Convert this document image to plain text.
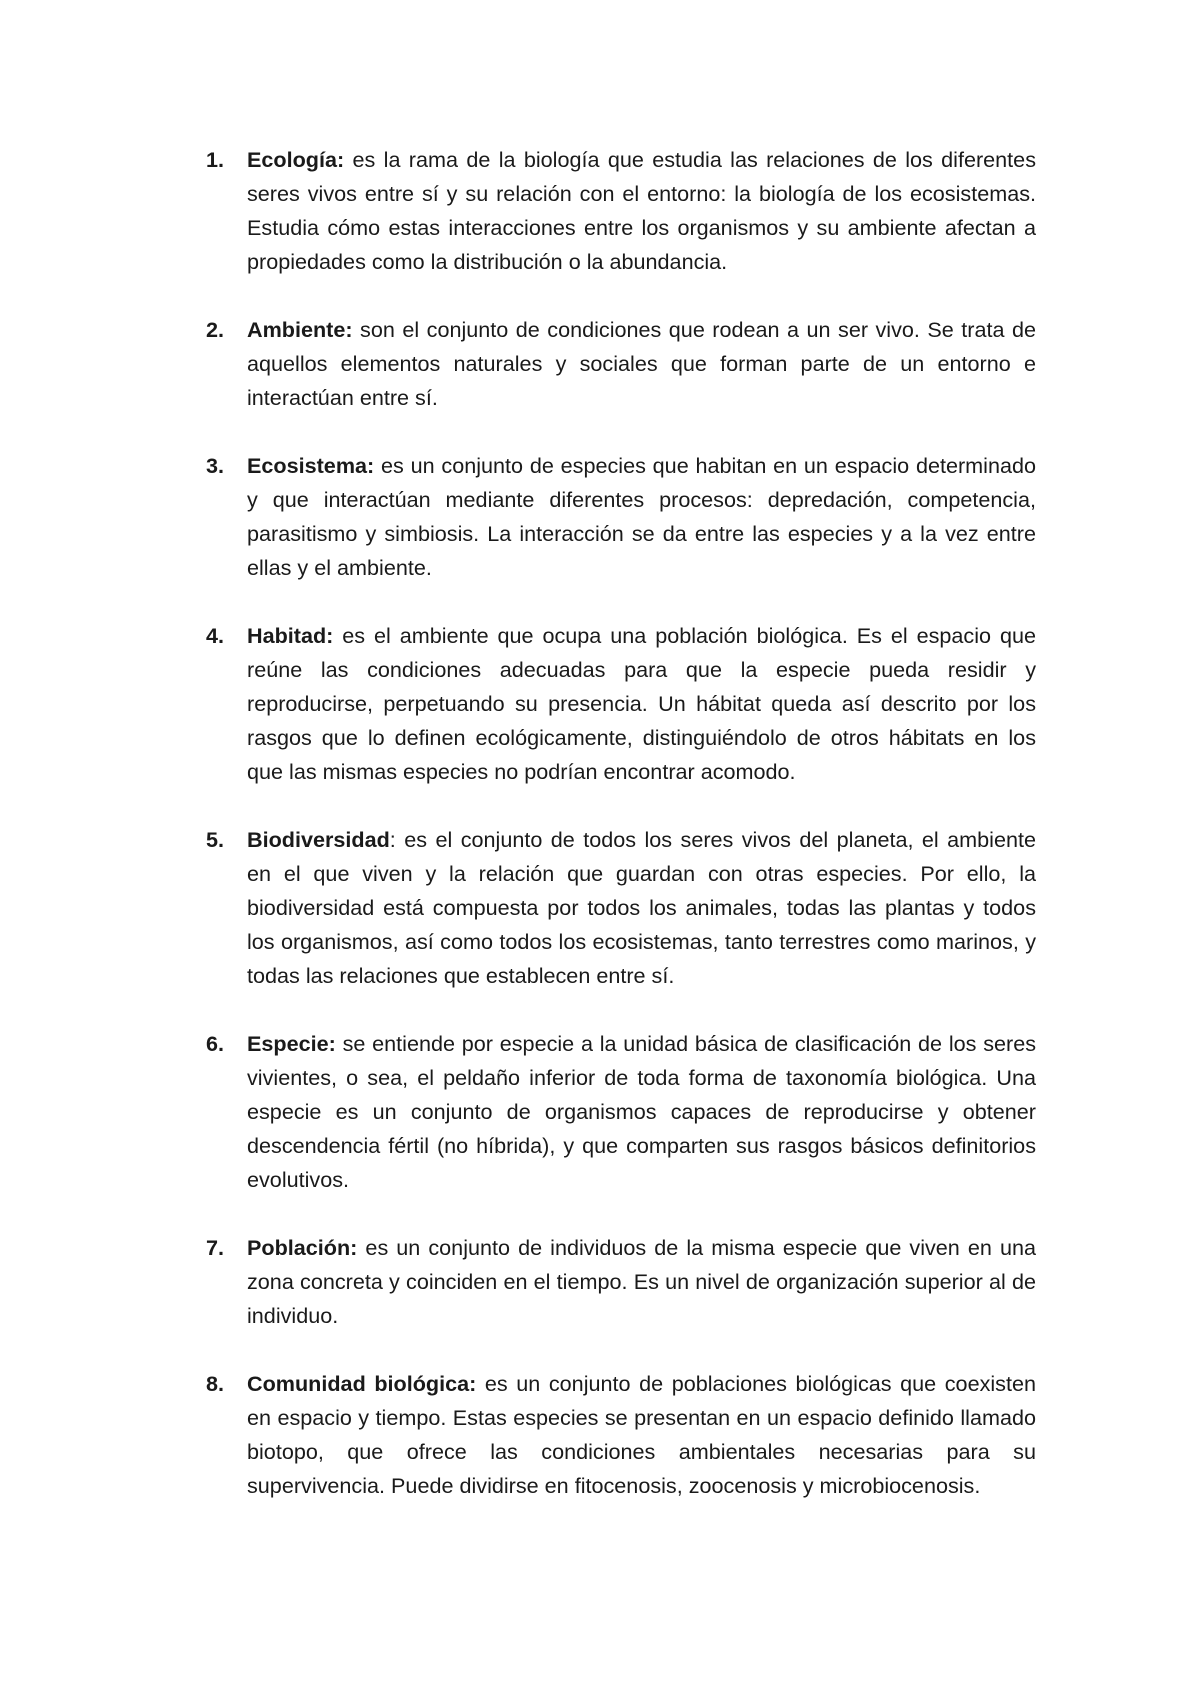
1. Ecología: es la rama de la biología que estudia las relaciones de los diferentes seres vivos entre sí y su relación con el entorno: la biología de los ecosistemas. Estudia cómo estas interacciones entre los organismos y su ambiente afectan a propiedades como la distribución o la abundancia.
2. Ambiente: son el conjunto de condiciones que rodean a un ser vivo. Se trata de aquellos elementos naturales y sociales que forman parte de un entorno e interactúan entre sí.
3. Ecosistema: es un conjunto de especies que habitan en un espacio determinado y que interactúan mediante diferentes procesos: depredación, competencia, parasitismo y simbiosis. La interacción se da entre las especies y a la vez entre ellas y el ambiente.
4. Habitad: es el ambiente que ocupa una población biológica. Es el espacio que reúne las condiciones adecuadas para que la especie pueda residir y reproducirse, perpetuando su presencia. Un hábitat queda así descrito por los rasgos que lo definen ecológicamente, distinguiéndolo de otros hábitats en los que las mismas especies no podrían encontrar acomodo.
5. Biodiversidad: es el conjunto de todos los seres vivos del planeta, el ambiente en el que viven y la relación que guardan con otras especies. Por ello, la biodiversidad está compuesta por todos los animales, todas las plantas y todos los organismos, así como todos los ecosistemas, tanto terrestres como marinos, y todas las relaciones que establecen entre sí.
6. Especie: se entiende por especie a la unidad básica de clasificación de los seres vivientes, o sea, el peldaño inferior de toda forma de taxonomía biológica. Una especie es un conjunto de organismos capaces de reproducirse y obtener descendencia fértil (no híbrida), y que comparten sus rasgos básicos definitorios evolutivos.
7. Población: es un conjunto de individuos de la misma especie que viven en una zona concreta y coinciden en el tiempo. Es un nivel de organización superior al de individuo.
8. Comunidad biológica: es un conjunto de poblaciones biológicas que coexisten en espacio y tiempo. Estas especies se presentan en un espacio definido llamado biotopo, que ofrece las condiciones ambientales necesarias para su supervivencia. Puede dividirse en fitocenosis, zoocenosis y microbiocenosis.
